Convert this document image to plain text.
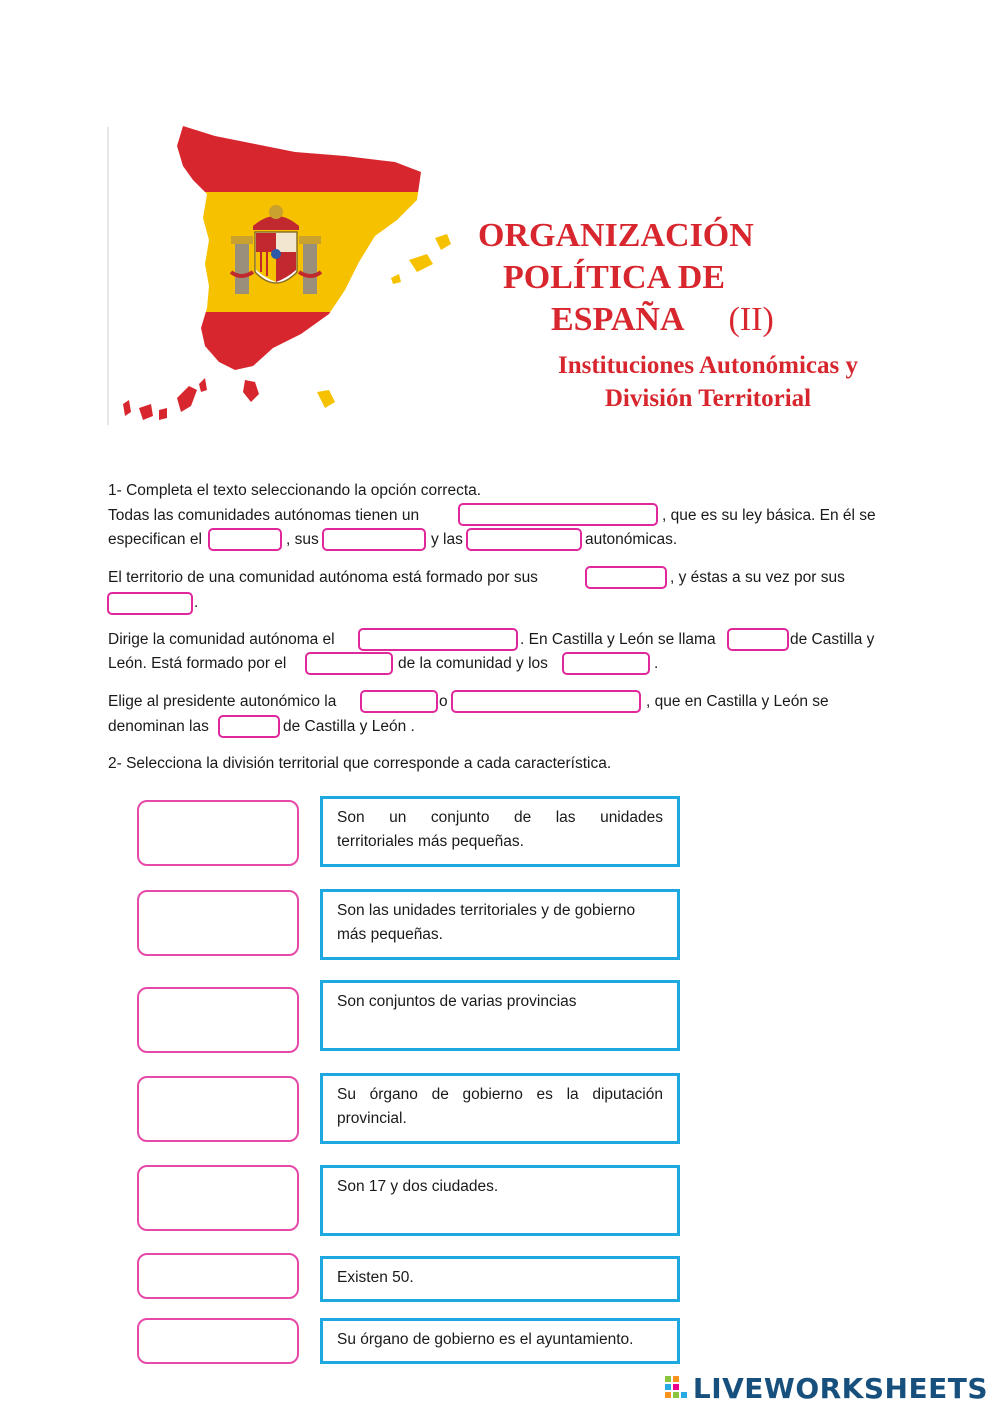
ORGANIZACIÓN
POLÍTICA DE
ESPAÑA (II)
Instituciones Autonómicas y
División Territorial
1- Completa el texto seleccionando la opción correcta.
Todas las comunidades autónomas tienen un	, que es su ley básica. En él se
especifican el	, sus	y las	autonómicas.
El territorio de una comunidad autónoma está formado por sus	, y éstas a su vez por sus
.
Dirige la comunidad autónoma el	. En Castilla y León se llama	de Castilla y
León. Está formado por el	de la comunidad y los	.
Elige al presidente autonómico la	o	, que en Castilla y León se
denominan las	de Castilla y León .
2- Selecciona la división territorial que corresponde a cada característica.
Son un conjunto de las unidades
territoriales más pequeñas.
Son las unidades territoriales y de gobierno más pequeñas.
Son conjuntos de varias provincias
Su órgano de gobierno es la diputación
provincial.
Son 17 y dos ciudades.
Existen 50.
Su órgano de gobierno es el ayuntamiento.
LIVEWORKSHEETS
